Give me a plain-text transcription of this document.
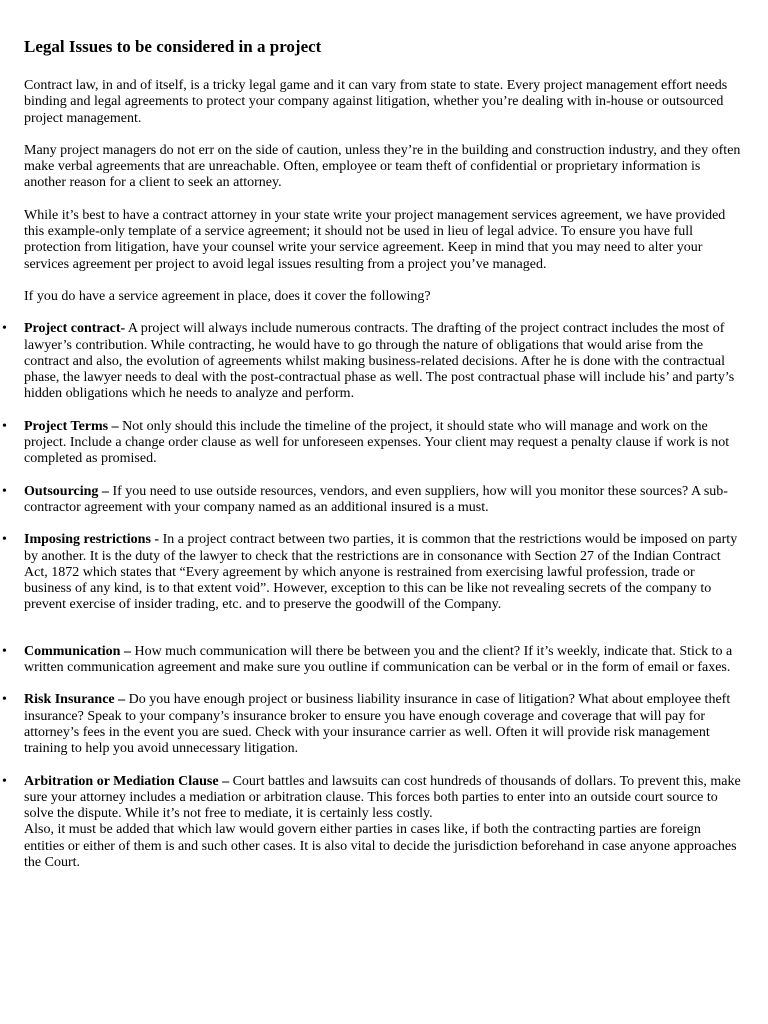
Legal Issues to be considered in a project

Contract law, in and of itself, is a tricky legal game and it can vary from state to state. Every project management effort needs binding and legal agreements to protect your company against litigation, whether you’re dealing with in-house or outsourced project management.

Many project managers do not err on the side of caution, unless they’re in the building and construction industry, and they often make verbal agreements that are unreachable. Often, employee or team theft of confidential or proprietary information is another reason for a client to seek an attorney.

While it’s best to have a contract attorney in your state write your project management services agreement, we have provided this example-only template of a service agreement; it should not be used in lieu of legal advice. To ensure you have full protection from litigation, have your counsel write your service agreement. Keep in mind that you may need to alter your services agreement per project to avoid legal issues resulting from a project you’ve managed.

If you do have a service agreement in place, does it cover the following?

• Project contract- A project will always include numerous contracts. The drafting of the project contract includes the most of lawyer’s contribution. While contracting, he would have to go through the nature of obligations that would arise from the contract and also, the evolution of agreements whilst making business-related decisions. After he is done with the contractual phase, the lawyer needs to deal with the post-contractual phase as well. The post contractual phase will include his’ and party’s hidden obligations which he needs to analyze and perform.
• Project Terms – Not only should this include the timeline of the project, it should state who will manage and work on the project. Include a change order clause as well for unforeseen expenses. Your client may request a penalty clause if work is not completed as promised.
• Outsourcing – If you need to use outside resources, vendors, and even suppliers, how will you monitor these sources? A sub-contractor agreement with your company named as an additional insured is a must.
• Imposing restrictions - In a project contract between two parties, it is common that the restrictions would be imposed on party by another. It is the duty of the lawyer to check that the restrictions are in consonance with Section 27 of the Indian Contract Act, 1872 which states that “Every agreement by which anyone is restrained from exercising lawful profession, trade or business of any kind, is to that extent void”. However, exception to this can be like not revealing secrets of the company to prevent exercise of insider trading, etc. and to preserve the goodwill of the Company.
• Communication – How much communication will there be between you and the client? If it’s weekly, indicate that. Stick to a written communication agreement and make sure you outline if communication can be verbal or in the form of email or faxes.
• Risk Insurance – Do you have enough project or business liability insurance in case of litigation? What about employee theft insurance? Speak to your company’s insurance broker to ensure you have enough coverage and coverage that will pay for attorney’s fees in the event you are sued. Check with your insurance carrier as well. Often it will provide risk management training to help you avoid unnecessary litigation.
• Arbitration or Mediation Clause – Court battles and lawsuits can cost hundreds of thousands of dollars. To prevent this, make sure your attorney includes a mediation or arbitration clause. This forces both parties to enter into an outside court source to solve the dispute. While it’s not free to mediate, it is certainly less costly.
Also, it must be added that which law would govern either parties in cases like, if both the contracting parties are foreign entities or either of them is and such other cases. It is also vital to decide the jurisdiction beforehand in case anyone approaches the Court.
